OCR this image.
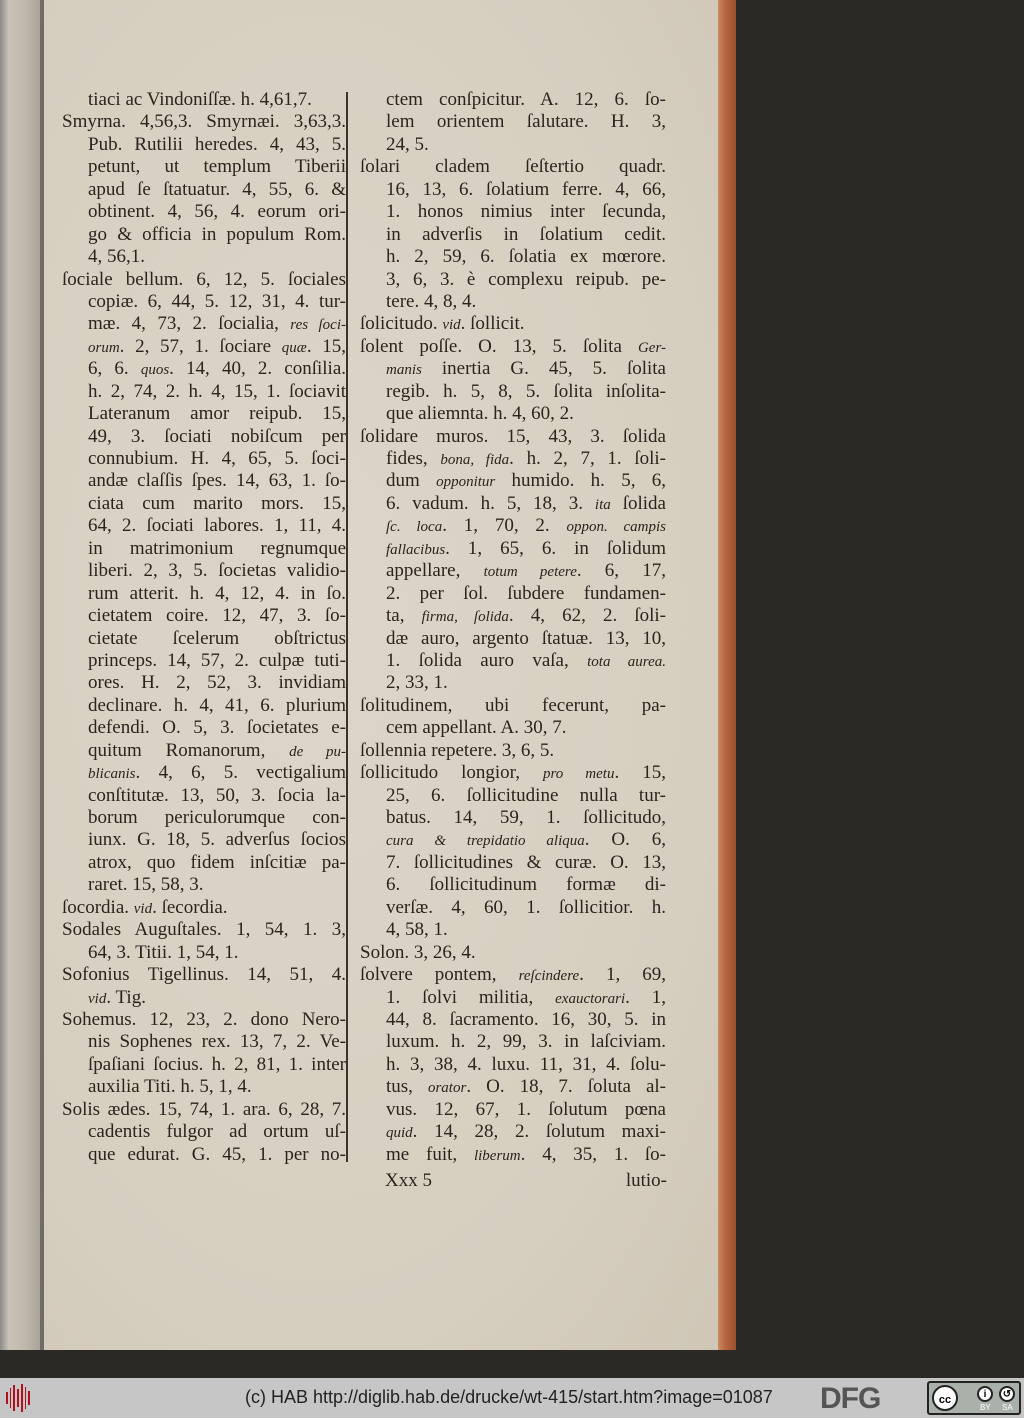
tiaci ac Vindoniſſæ. h. 4,61,7.
Smyrna. 4,56,3. Smyrnæi. 3,63,3.
Pub. Rutilii heredes. 4, 43, 5.
petunt, ut templum Tiberii
apud ſe ſtatuatur. 4, 55, 6. &
obtinent. 4, 56, 4. eorum ori-
go & officia in populum Rom.
4, 56,1.
ſociale bellum. 6, 12, 5. ſociales
copiæ. 6, 44, 5. 12, 31, 4. tur-
mæ. 4, 73, 2. ſocialia, res ſoci-
orum. 2, 57, 1. ſociare quæ. 15,
6, 6. quos. 14, 40, 2. conſilia.
h. 2, 74, 2. h. 4, 15, 1. ſociavit
Lateranum amor reipub. 15,
49, 3. ſociati nobiſcum per
connubium. H. 4, 65, 5. ſoci-
andæ claſſis ſpes. 14, 63, 1. ſo-
ciata cum marito mors. 15,
64, 2. ſociati labores. 1, 11, 4.
in matrimonium regnumque
liberi. 2, 3, 5. ſocietas validio-
rum atterit. h. 4, 12, 4. in ſo.
cietatem coire. 12, 47, 3. ſo-
cietate ſcelerum obſtrictus
princeps. 14, 57, 2. culpæ tuti-
ores. H. 2, 52, 3. invidiam
declinare. h. 4, 41, 6. plurium
defendi. O. 5, 3. ſocietates e-
quitum Romanorum, de pu-
blicanis. 4, 6, 5. vectigalium
conſtitutæ. 13, 50, 3. ſocia la-
borum periculorumque con-
iunx. G. 18, 5. adverſus ſocios
atrox, quo fidem inſcitiæ pa-
raret. 15, 58, 3.
ſocordia. vid. ſecordia.
Sodales Auguſtales. 1, 54, 1. 3,
64, 3. Titii. 1, 54, 1.
Sofonius Tigellinus. 14, 51, 4.
vid. Tig.
Sohemus. 12, 23, 2. dono Nero-
nis Sophenes rex. 13, 7, 2. Ve-
ſpaſiani ſocius. h. 2, 81, 1. inter
auxilia Titi. h. 5, 1, 4.
Solis ædes. 15, 74, 1. ara. 6, 28, 7.
cadentis fulgor ad ortum uſ-
que edurat. G. 45, 1. per no-
ctem conſpicitur. A. 12, 6. ſo-
lem orientem ſalutare. H. 3,
24, 5.
ſolari cladem ſeſtertio quadr.
16, 13, 6. ſolatium ferre. 4, 66,
1. honos nimius inter ſecunda,
in adverſis in ſolatium cedit.
h. 2, 59, 6. ſolatia ex mœrore.
3, 6, 3. è complexu reipub. pe-
tere. 4, 8, 4.
ſolicitudo. vid. ſollicit.
ſolent poſſe. O. 13, 5. ſolita Ger-
manis inertia G. 45, 5. ſolita
regib. h. 5, 8, 5. ſolita inſolita-
que aliemnta. h. 4, 60, 2.
ſolidare muros. 15, 43, 3. ſolida
fides, bona, fida. h. 2, 7, 1. ſoli-
dum opponitur humido. h. 5, 6,
6. vadum. h. 5, 18, 3. ita ſolida
ſc. loca. 1, 70, 2. oppon. campis
fallacibus. 1, 65, 6. in ſolidum
appellare, totum petere. 6, 17,
2. per ſol. ſubdere fundamen-
ta, firma, ſolida. 4, 62, 2. ſoli-
dæ auro, argento ſtatuæ. 13, 10,
1. ſolida auro vaſa, tota aurea.
2, 33, 1.
ſolitudinem, ubi fecerunt, pa-
cem appellant. A. 30, 7.
ſollennia repetere. 3, 6, 5.
ſollicitudo longior, pro metu. 15,
25, 6. ſollicitudine nulla tur-
batus. 14, 59, 1. ſollicitudo,
cura & trepidatio aliqua. O. 6,
7. ſollicitudines & curæ. O. 13,
6. ſollicitudinum formæ di-
verſæ. 4, 60, 1. ſollicitior. h.
4, 58, 1.
Solon. 3, 26, 4.
ſolvere pontem, reſcindere. 1, 69,
1. ſolvi militia, exauctorari. 1,
44, 8. ſacramento. 16, 30, 5. in
luxum. h. 2, 99, 3. in laſciviam.
h. 3, 38, 4. luxu. 11, 31, 4. ſolu-
tus, orator. O. 18, 7. ſoluta al-
vus. 12, 67, 1. ſolutum pœna
quid. 14, 28, 2. ſolutum maxi-
me fuit, liberum. 4, 35, 1. ſo-
Xxx 5	lutio-
(c) HAB http://diglib.hab.de/drucke/wt-415/start.htm?image=01087 DFG	cc	i	↺
BY SA
